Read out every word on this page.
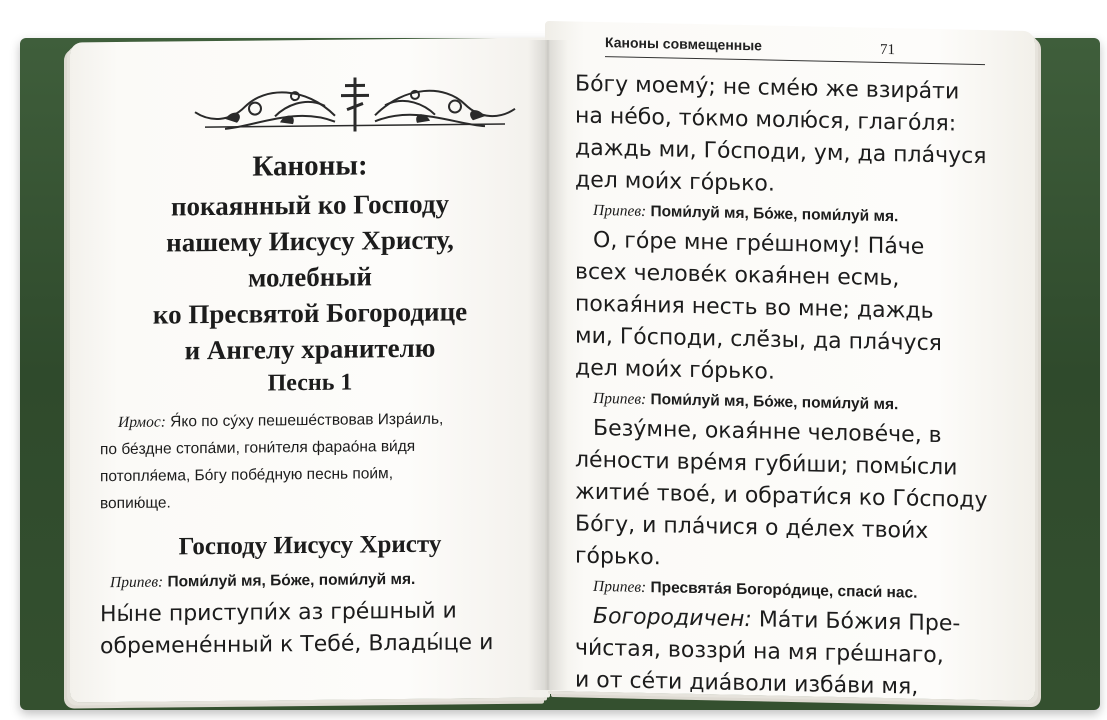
Каноны:
покаянный ко Господу
нашему Иисусу Христу,
молебный
ко Пресвятой Богородице
и Ангелу хранителю
Песнь 1
Ирмос: Я́ко по су́ху пешеше́ствовав Изра́иль,
по бе́здне стопа́ми, гони́теля фарао́на ви́дя
потопля́ема, Бо́гу побе́дную песнь пои́м,
вопию́ще.
Господу Иисусу Христу
Припев: Поми́луй мя, Бо́же, поми́луй мя.
Ны́не приступи́х аз гре́шный и
обремене́нный к Тебе́, Влады́це и
Каноны совмещенные	71
Бо́гу моему́; не сме́ю же взира́ти
на не́бо, то́кмо молю́ся, глаго́ля:
даждь ми, Го́споди, ум, да пла́чуся
дел мои́х го́рько.
Припев: Поми́луй мя, Бо́же, поми́луй мя.
О, го́ре мне гре́шному! Па́че
всех челове́к окая́нен есмь,
покая́ния несть во мне; даждь
ми, Го́споди, слё́зы, да пла́чуся
дел мои́х го́рько.
Припев: Поми́луй мя, Бо́же, поми́луй мя.
Безу́мне, окая́нне челове́че, в
ле́ности вре́мя губи́ши; помы́сли
житие́ твое́, и обрати́ся ко Го́споду
Бо́гу, и пла́чися о де́лех твои́х
го́рько.
Припев: Пресвята́я Богоро́дице, спаси́ нас.
Богородичен: Ма́ти Бо́жия Пре-
чи́стая, воззри́ на мя гре́шнаго,
и от се́ти диа́воли изба́ви мя,
